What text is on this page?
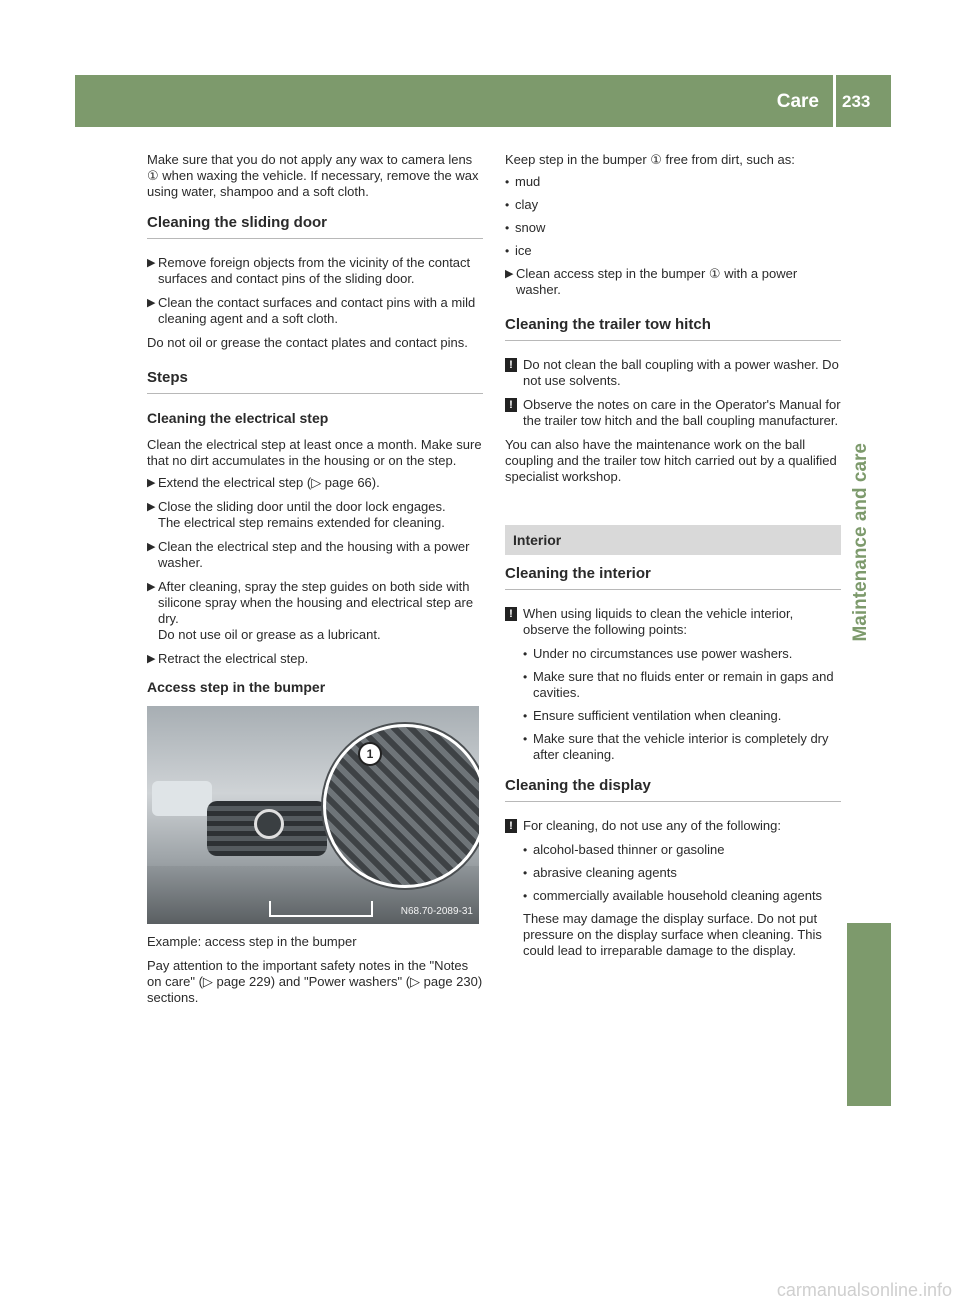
Care 233
Maintenance and care

Make sure that you do not apply any wax to camera lens ① when waxing the vehicle. If necessary, remove the wax using water, shampoo and a soft cloth.

Cleaning the sliding door
▶ Remove foreign objects from the vicinity of the contact surfaces and contact pins of the sliding door.
▶ Clean the contact surfaces and contact pins with a mild cleaning agent and a soft cloth.

Do not oil or grease the contact plates and contact pins.

Steps
Cleaning the electrical step

Clean the electrical step at least once a month. Make sure that no dirt accumulates in the housing or on the step.

▶ Extend the electrical step (▷ page 66).
▶ Close the sliding door until the door lock engages.
The electrical step remains extended for cleaning.
▶ Clean the electrical step and the housing with a power washer.
▶ After cleaning, spray the step guides on both side with silicone spray when the housing and electrical step are dry.
Do not use oil or grease as a lubricant.
▶ Retract the electrical step.
Access step in the bumper
1
N68.70-2089-31

Example: access step in the bumper

Pay attention to the important safety notes in the "Notes on care" (▷ page 229) and "Power washers" (▷ page 230) sections.

Keep step in the bumper ① free from dirt, such as:

• mud
• clay
• snow
• ice
▶ Clean access step in the bumper ① with a power washer.
Cleaning the trailer tow hitch
! Do not clean the ball coupling with a power washer. Do not use solvents.
! Observe the notes on care in the Operator's Manual for the trailer tow hitch and the ball coupling manufacturer.

You can also have the maintenance work on the ball coupling and the trailer tow hitch carried out by a qualified specialist workshop.

Interior
Cleaning the interior
! When using liquids to clean the vehicle interior, observe the following points:
• Under no circumstances use power washers.
• Make sure that no fluids enter or remain in gaps and cavities.
• Ensure sufficient ventilation when cleaning.
• Make sure that the vehicle interior is completely dry after cleaning.
Cleaning the display
! For cleaning, do not use any of the following:
• alcohol-based thinner or gasoline
• abrasive cleaning agents
• commercially available household cleaning agents

These may damage the display surface. Do not put pressure on the display surface when cleaning. This could lead to irreparable damage to the display.

carmanualsonline.info
